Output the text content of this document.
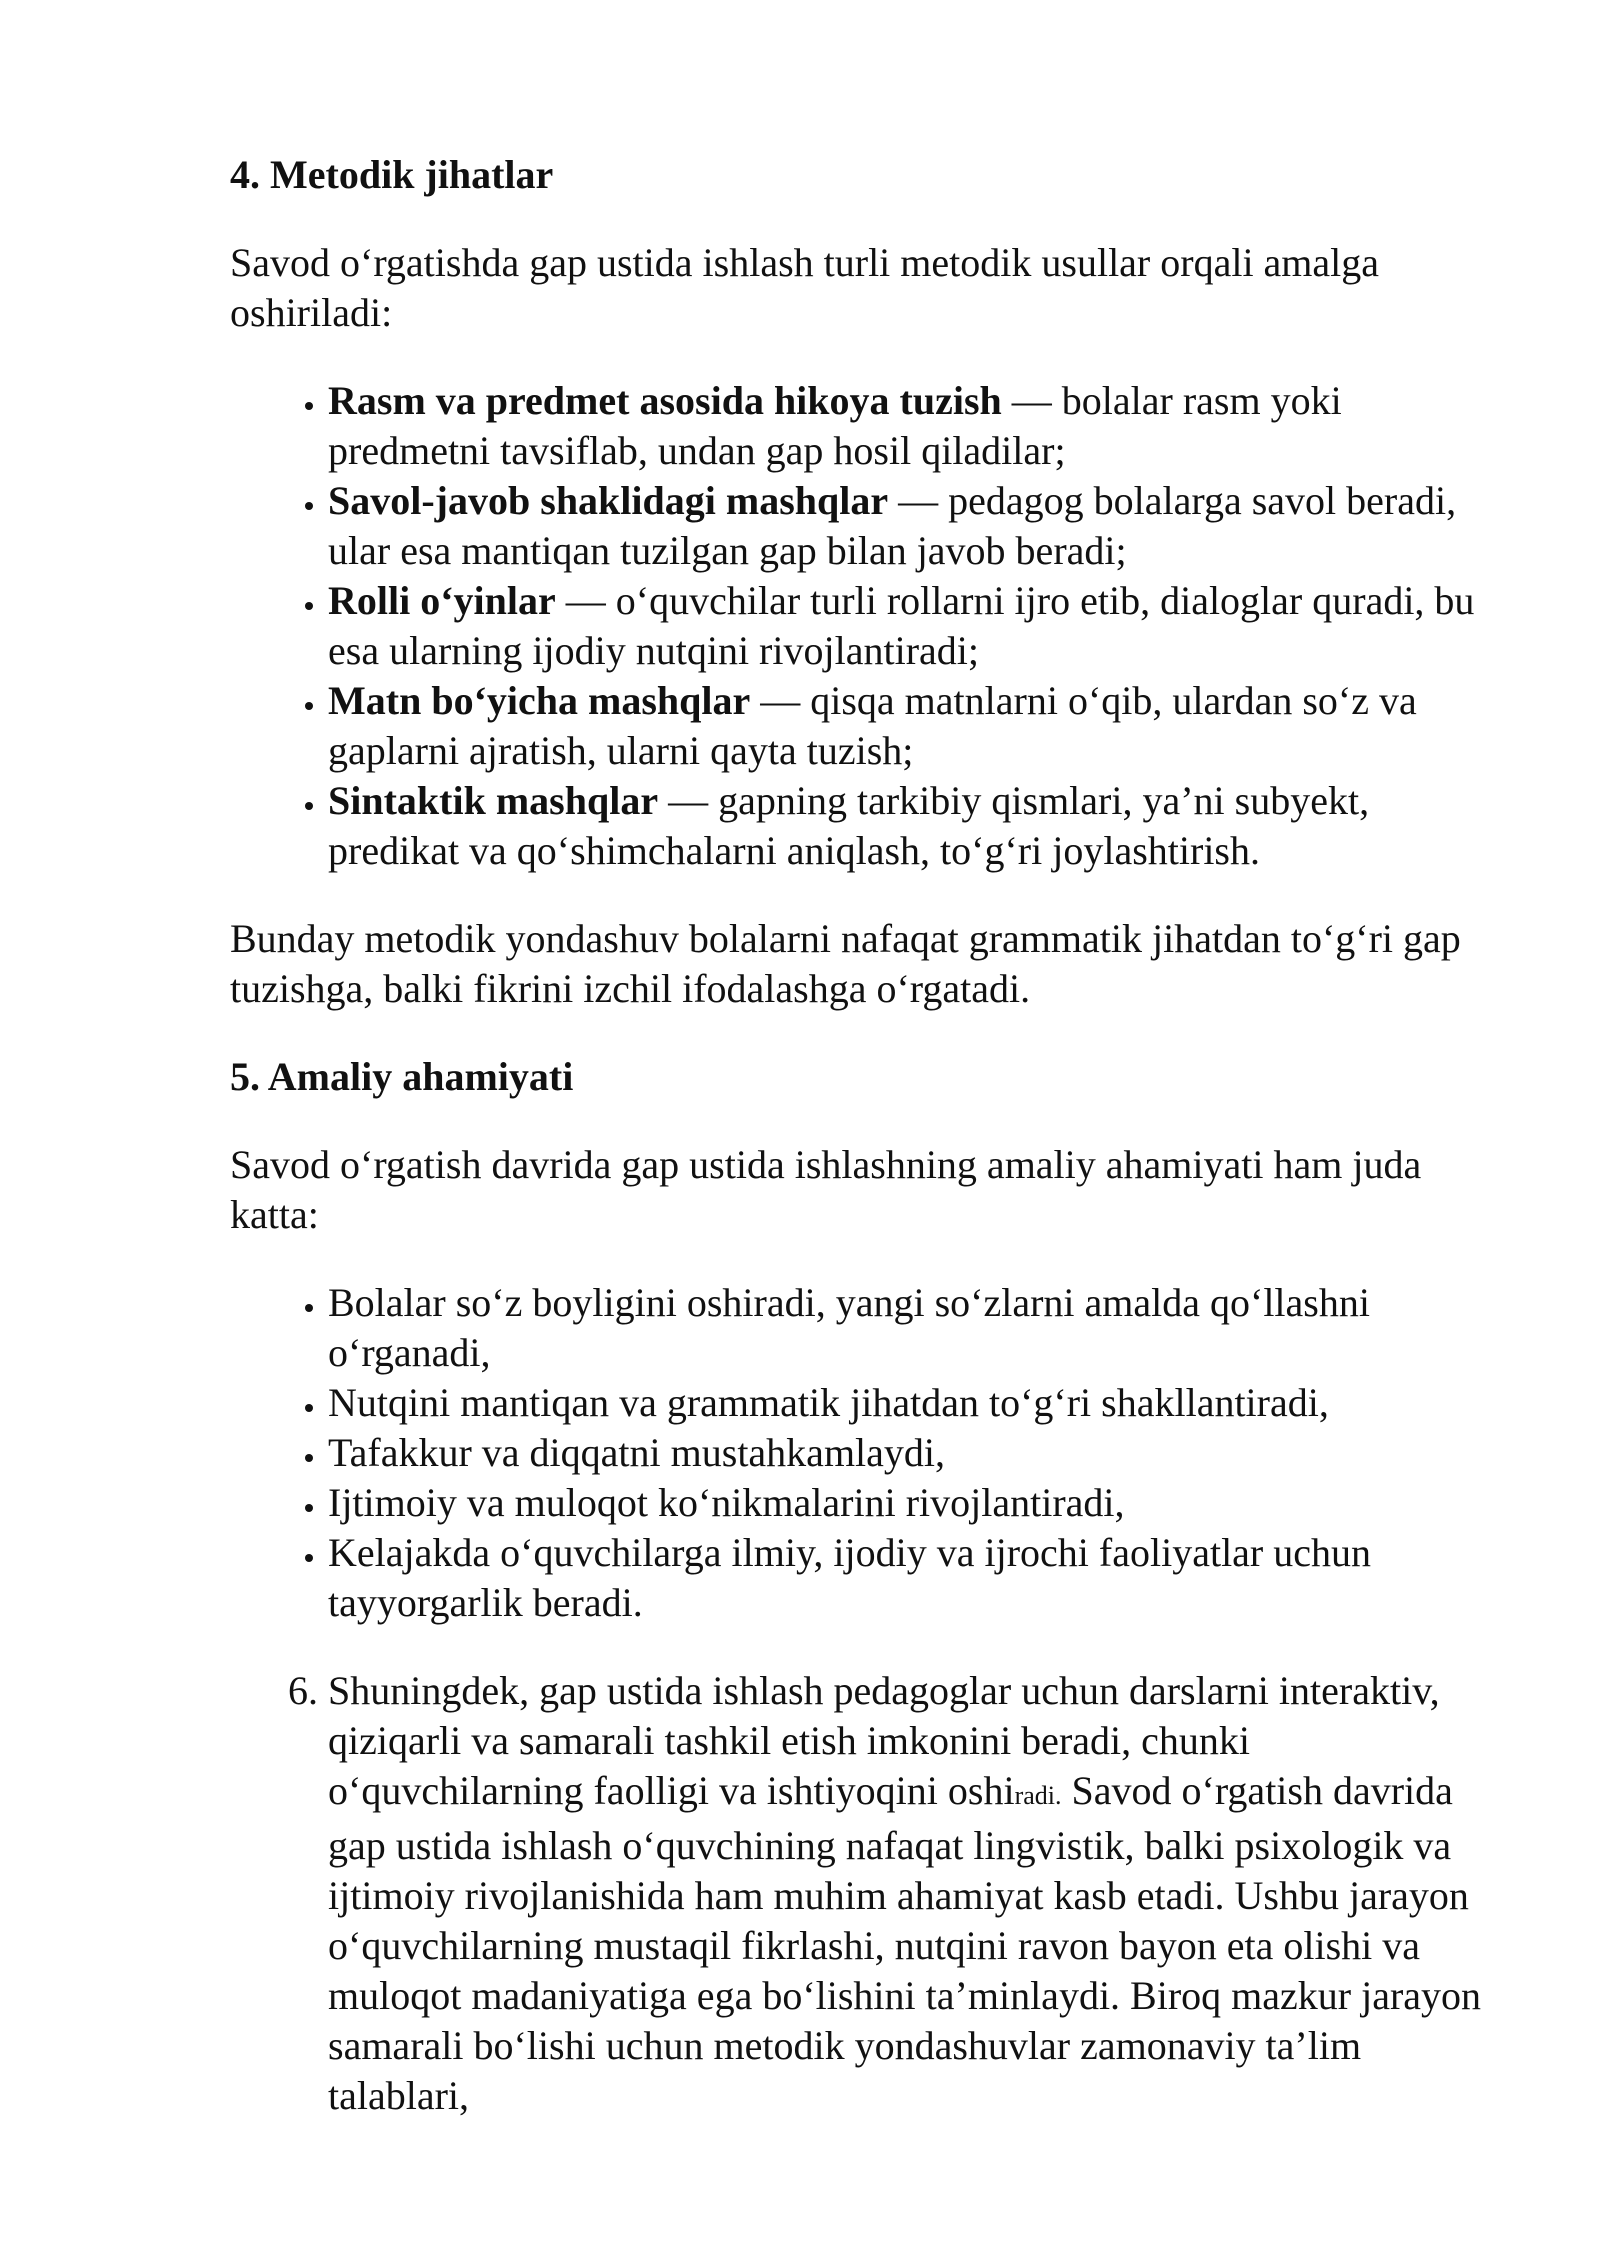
4. Metodik jihatlar

Savod o‘rgatishda gap ustida ishlash turli metodik usullar orqali amalga oshiriladi:

• Rasm va predmet asosida hikoya tuzish — bolalar rasm yoki predmetni tavsiflab, undan gap hosil qiladilar;
• Savol-javob shaklidagi mashqlar — pedagog bolalarga savol beradi, ular esa mantiqan tuzilgan gap bilan javob beradi;
• Rolli o‘yinlar — o‘quvchilar turli rollarni ijro etib, dialoglar quradi, bu esa ularning ijodiy nutqini rivojlantiradi;
• Matn bo‘yicha mashqlar — qisqa matnlarni o‘qib, ulardan so‘z va gaplarni ajratish, ularni qayta tuzish;
• Sintaktik mashqlar — gapning tarkibiy qismlari, ya’ni subyekt, predikat va qo‘shimchalarni aniqlash, to‘g‘ri joylashtirish.

Bunday metodik yondashuv bolalarni nafaqat grammatik jihatdan to‘g‘ri gap tuzishga, balki fikrini izchil ifodalashga o‘rgatadi.

5. Amaliy ahamiyati

Savod o‘rgatish davrida gap ustida ishlashning amaliy ahamiyati ham juda katta:

• Bolalar so‘z boyligini oshiradi, yangi so‘zlarni amalda qo‘llashni o‘rganadi,
• Nutqini mantiqan va grammatik jihatdan to‘g‘ri shakllantiradi,
• Tafakkur va diqqatni mustahkamlaydi,
• Ijtimoiy va muloqot ko‘nikmalarini rivojlantiradi,
• Kelajakda o‘quvchilarga ilmiy, ijodiy va ijrochi faoliyatlar uchun tayyorgarlik beradi.
6. Shuningdek, gap ustida ishlash pedagoglar uchun darslarni interaktiv, qiziqarli va samarali tashkil etish imkonini beradi, chunki o‘quvchilarning faolligi va ishtiyoqini oshiradi. Savod o‘rgatish davrida gap ustida ishlash o‘quvchining nafaqat lingvistik, balki psixologik va ijtimoiy rivojlanishida ham muhim ahamiyat kasb etadi. Ushbu jarayon o‘quvchilarning mustaqil fikrlashi, nutqini ravon bayon eta olishi va muloqot madaniyatiga ega bo‘lishini ta’minlaydi. Biroq mazkur jarayon samarali bo‘lishi uchun metodik yondashuvlar zamonaviy ta’lim talablari,
